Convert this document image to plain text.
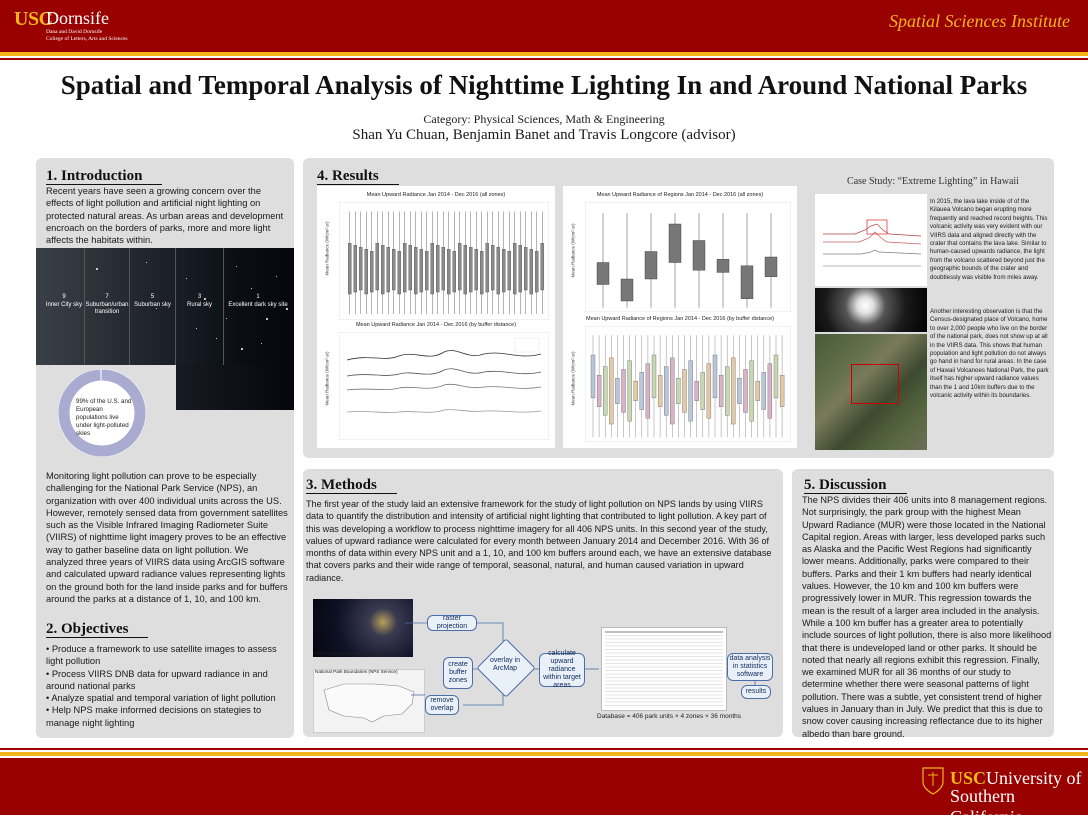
USC
Dornsife
Dana and David Dornsife
College of Letters, Arts and Sciences
Spatial Sciences Institute
Spatial and Temporal Analysis of Nighttime Lighting In and Around National Parks
Category: Physical Sciences, Math & Engineering
Shan Yu Chuan, Benjamin Banet and Travis Longcore (advisor)
1. Introduction
Recent years have seen a growing concern over the effects of light pollution and artificial night lighting on protected natural areas. As urban areas and development encroach on the borders of parks, more and more light affects the habitats within.
9
Inner City sky
7
Suburban/urban transition
5
Suburban sky
3
Rural sky
1
Excellent dark sky site
99% of the U.S. and European populations live under light-polluted skies
Monitoring light pollution can prove to be especially challenging for the National Park Service (NPS), an organization with over 400 individual units across the US. However, remotely sensed data from government satellites such as the Visible Infrared Imaging Radiometer Suite (VIIRS) of nighttime light imagery proves to be an effective way to gather baseline data on light pollution. We analyzed three years of VIIRS data using ArcGIS software and calculated upward radiance values representing lights on the ground both for the land inside parks and for buffers around the parks at a distance of 1, 10, and 100 km.
2. Objectives
• Produce a framework to use satellite images to assess light pollution
• Process VIIRS DNB data for upward radiance in and around national parks
• Analyze spatial and temporal variation of light pollution
• Help NPS make informed decisions on stategies to manage night lighting
4. Results
Mean Upward Radiance Jan 2014 - Dec 2016 (all zones)
Mean Radiance (W/cm²·sr)
Mean Upward Radiance Jan 2014 - Dec 2016 (by buffer distance)
Mean Radiance (W/cm²·sr)
Mean Upward Radiance of Regions Jan 2014 - Dec 2016 (all zones)
Mean Radiance (W/cm²·sr)
Mean Upward Radiance of Regions Jan 2014 - Dec 2016 (by buffer distance)
Mean Radiance (W/cm²·sr)
Case Study: “Extreme Lighting” in Hawaii
In 2015, the lava lake inside of of the Kilauea Volcano began erupting more frequently and reached record heights. This volcanic activity was very evident with our VIIRS data and aligned directly with the crater that contains the lava lake. Similar to human-caused upwards radiance, the light from the volcano scattered beyond just the geographic bounds of the crater and doubtlessly was visible from miles away.
Another interesting observation is that the Census-designated place of Volcano, home to over 2,000 people who live on the border of the national park, does not show up at all in the VIIRS data. This shows that human population and light pollution do not always go hand in hand for rural areas. In the case of Hawaii Volcanoes National Park, the park itself has higher upward radiance values than the 1 and 10km buffers due to the volcanic activity within its boundaries.
3. Methods
The first year of the study laid an extensive framework for the study of light pollution on NPS lands by using VIIRS data to quantify the distribution and intensity of artificial night lighting that contributed to light pollution. A key part of this was developing a workflow to process nighttime imagery for all 406 NPS units. In this second year of the study, values of upward radiance were calculated for every month between January 2014 and December 2016. With 36 of months of data within every NPS unit and a 1, 10, and 100 km buffers around each, we have an extensive database that covers parks and their wide range of temporal, seasonal, natural, and human caused variation in upward radiance.
VIIRS Day/Night Band Radiance (NOAA)
National Park Boundaries (NPS Service)
raster projection
create buffer zones
remove overlap
overlay in ArcMap
calculate upward radiance within target areas
data analysis in statistics software
results
Database = 406 park units × 4 zones × 36 months
5. Discussion
The NPS divides their 406 units into 8 management regions. Not surprisingly, the park group with the highest Mean Upward Radiance (MUR) were those located in the National Capital region. Areas with larger, less developed parks such as Alaska and the Pacific West Regions had significantly lower means. Additionally, parks were compared to their buffers. Parks and their 1 km buffers had nearly identical values. However, the 10 km and 100 km buffers were progressively lower in MUR. This regression towards the mean is the result of a larger area included in the analysis. While a 100 km buffer has a greater area to potentially include sources of light pollution, there is also more likelihood that there is undeveloped land or other parks. It should be noted that nearly all regions exhibit this regression. Finally, we examined MUR for all 36 months of our study to determine whether there were seasonal patterns of light pollution. There was a subtle, yet consistent trend of higher values in January than in July. We predict that this is due to snow cover causing increasing reflectance due to its higher albedo than bare ground.
USCUniversity of
Southern California
